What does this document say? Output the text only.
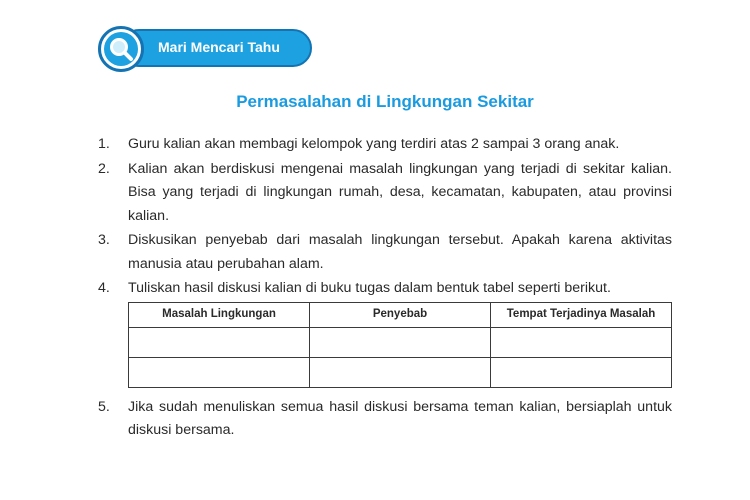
Mari Mencari Tahu
Permasalahan di Lingkungan Sekitar
1. Guru kalian akan membagi kelompok yang terdiri atas 2 sampai 3 orang anak.
2. Kalian akan berdiskusi mengenai masalah lingkungan yang terjadi di sekitar kalian. Bisa yang terjadi di lingkungan rumah, desa, kecamatan, kabupaten, atau provinsi kalian.
3. Diskusikan penyebab dari masalah lingkungan tersebut. Apakah karena aktivitas manusia atau perubahan alam.
4. Tuliskan hasil diskusi kalian di buku tugas dalam bentuk tabel seperti berikut.
Masalah Lingkungan	Penyebab	Tempat Terjadinya Masalah

5. Jika sudah menuliskan semua hasil diskusi bersama teman kalian, bersiaplah untuk diskusi bersama.
